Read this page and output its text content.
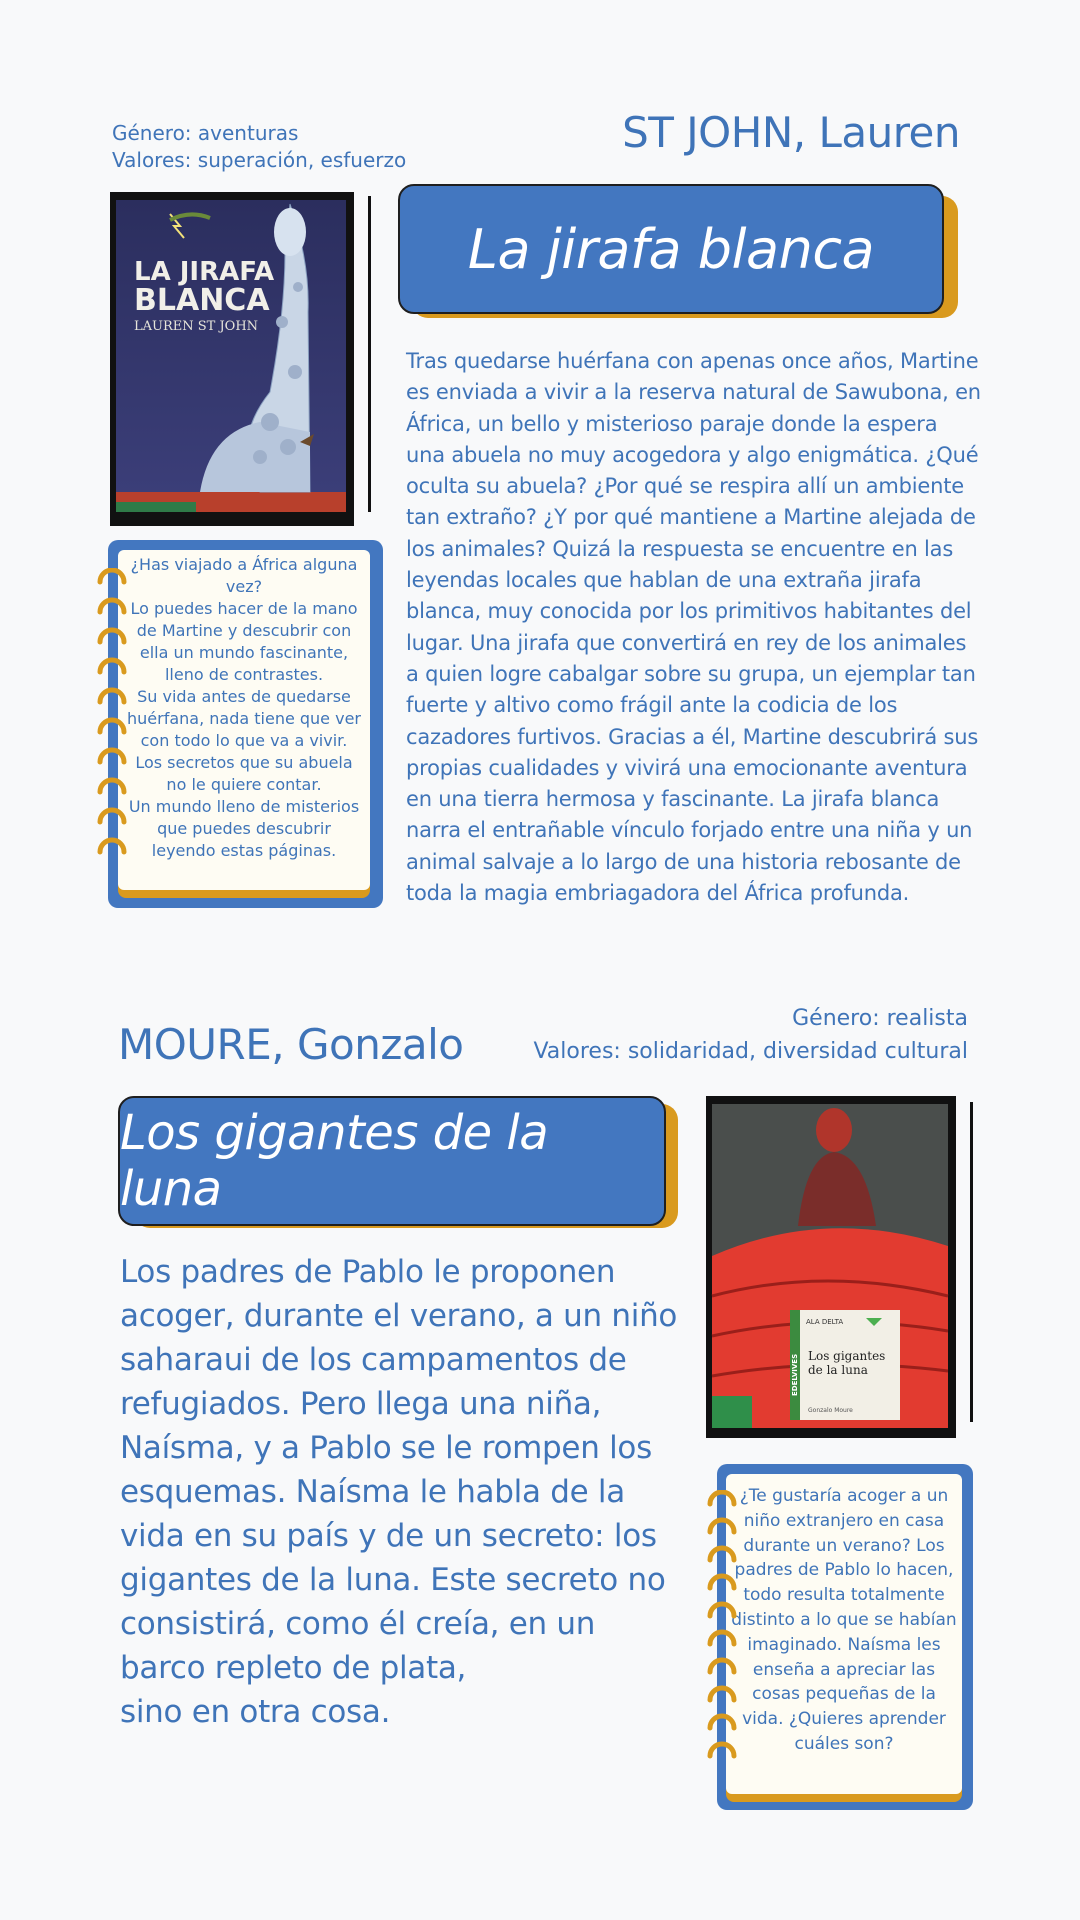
Género: aventuras
Valores: superación, esfuerzo
ST JOHN, Lauren
LA JIRAFA
BLANCA
LAUREN ST JOHN
La jirafa blanca
Tras quedarse huérfana con apenas once años, Martine es enviada a vivir a la reserva natural de Sawubona, en África, un bello y misterioso paraje donde la espera una abuela no muy acogedora y algo enigmática. ¿Qué oculta su abuela? ¿Por qué se respira allí un ambiente tan extraño? ¿Y por qué mantiene a Martine alejada de los animales? Quizá la respuesta se encuentre en las leyendas locales que hablan de una extraña jirafa blanca, muy conocida por los primitivos habitantes del lugar. Una jirafa que convertirá en rey de los animales a quien logre cabalgar sobre su grupa, un ejemplar tan fuerte y altivo como frágil ante la codicia de los cazadores furtivos. Gracias a él, Martine descubrirá sus propias cualidades y vivirá una emocionante aventura en una tierra hermosa y fascinante. La jirafa blanca narra el entrañable vínculo forjado entre una niña y un animal salvaje a lo largo de una historia rebosante de toda la magia embriagadora del África profunda.

¿Has viajado a África alguna vez?

Lo puedes hacer de la mano de Martine y descubrir con ella un mundo fascinante, lleno de contrastes.

Su vida antes de quedarse huérfana, nada tiene que ver con todo lo que va a vivir.

Los secretos que su abuela no le quiere contar.

Un mundo lleno de misterios que puedes descubrir leyendo estas páginas.

MOURE, Gonzalo
Género: realista
Valores: solidaridad, diversidad cultural
Los gigantes de la luna
Los padres de Pablo le proponen
acoger, durante el verano, a un niño
saharaui de los campamentos de
refugiados. Pero llega una niña,
Naísma, y a Pablo se le rompen los
esquemas. Naísma le habla de la
vida en su país y de un secreto: los
gigantes de la luna. Este secreto no
consistirá, como él creía, en un
barco repleto de plata,
sino en otra cosa.
ALA DELTA
Los gigantes
de la luna
Gonzalo Moure
EDELVIVES
¿Te gustaría acoger a un niño extranjero en casa durante un verano? Los padres de Pablo lo hacen, todo resulta totalmente distinto a lo que se habían imaginado. Naísma les enseña a apreciar las cosas pequeñas de la vida. ¿Quieres aprender cuáles son?
